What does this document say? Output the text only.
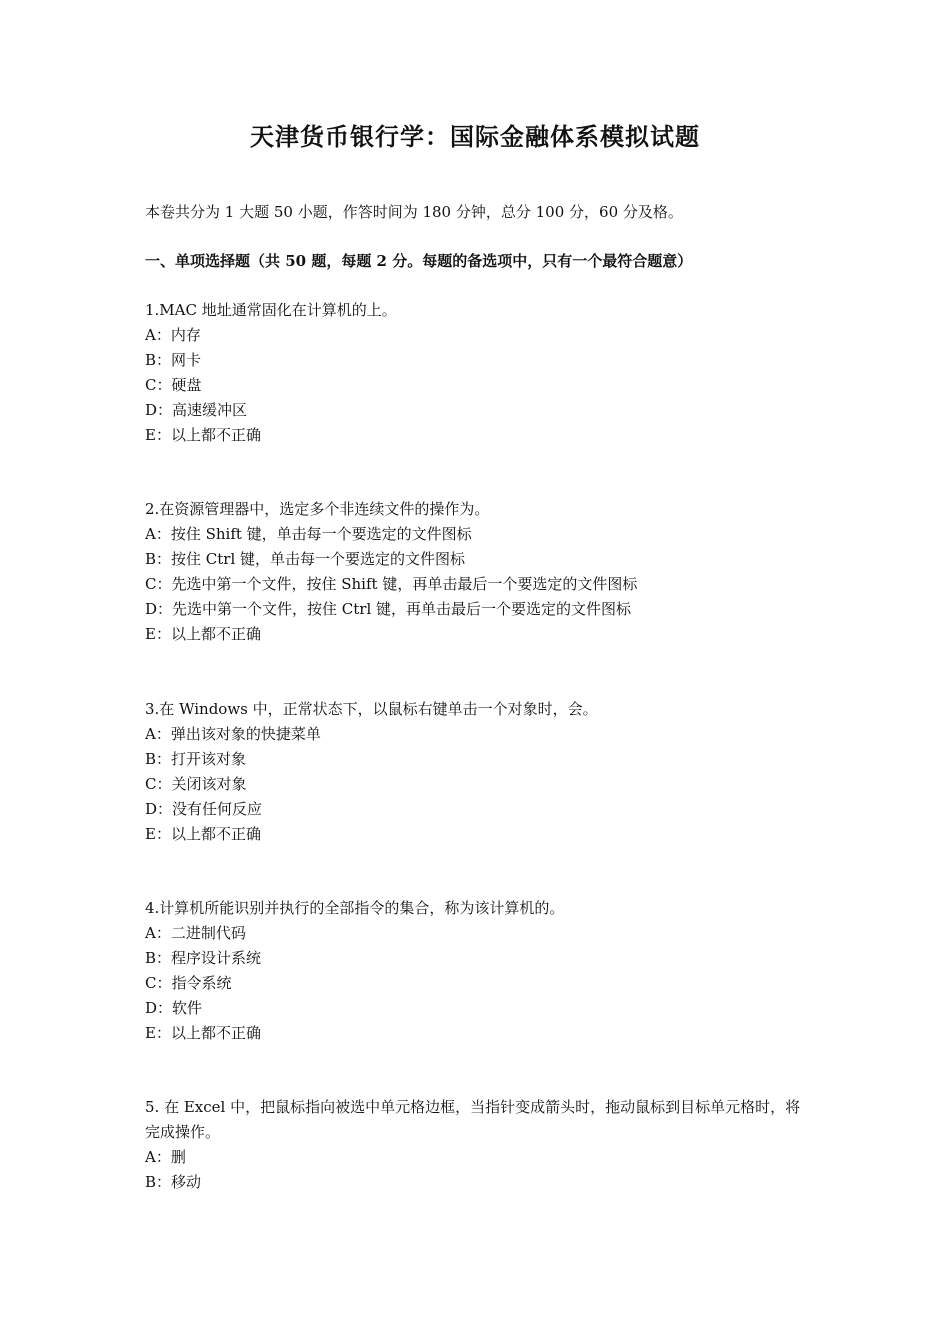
天津货币银行学：国际金融体系模拟试题
本卷共分为 1 大题 50 小题，作答时间为 180 分钟，总分 100 分，60 分及格。
一、单项选择题（共 50 题，每题 2 分。每题的备选项中，只有一个最符合题意）

1.MAC 地址通常固化在计算机的上。

A：内存

B：网卡

C：硬盘

D：高速缓冲区

E：以上都不正确

2.在资源管理器中，选定多个非连续文件的操作为。

A：按住 Shift 键，单击每一个要选定的文件图标

B：按住 Ctrl 键，单击每一个要选定的文件图标

C：先选中第一个文件，按住 Shift 键，再单击最后一个要选定的文件图标

D：先选中第一个文件，按住 Ctrl 键，再单击最后一个要选定的文件图标

E：以上都不正确

3.在 Windows 中，正常状态下，以鼠标右键单击一个对象时，会。

A：弹出该对象的快捷菜单

B：打开该对象

C：关闭该对象

D：没有任何反应

E：以上都不正确

4.计算机所能识别并执行的全部指令的集合，称为该计算机的。

A：二进制代码

B：程序设计系统

C：指令系统

D：软件

E：以上都不正确

5. 在 Excel 中，把鼠标指向被选中单元格边框，当指针变成箭头时，拖动鼠标到目标单元格时，将完成操作。

A：删

B：移动
